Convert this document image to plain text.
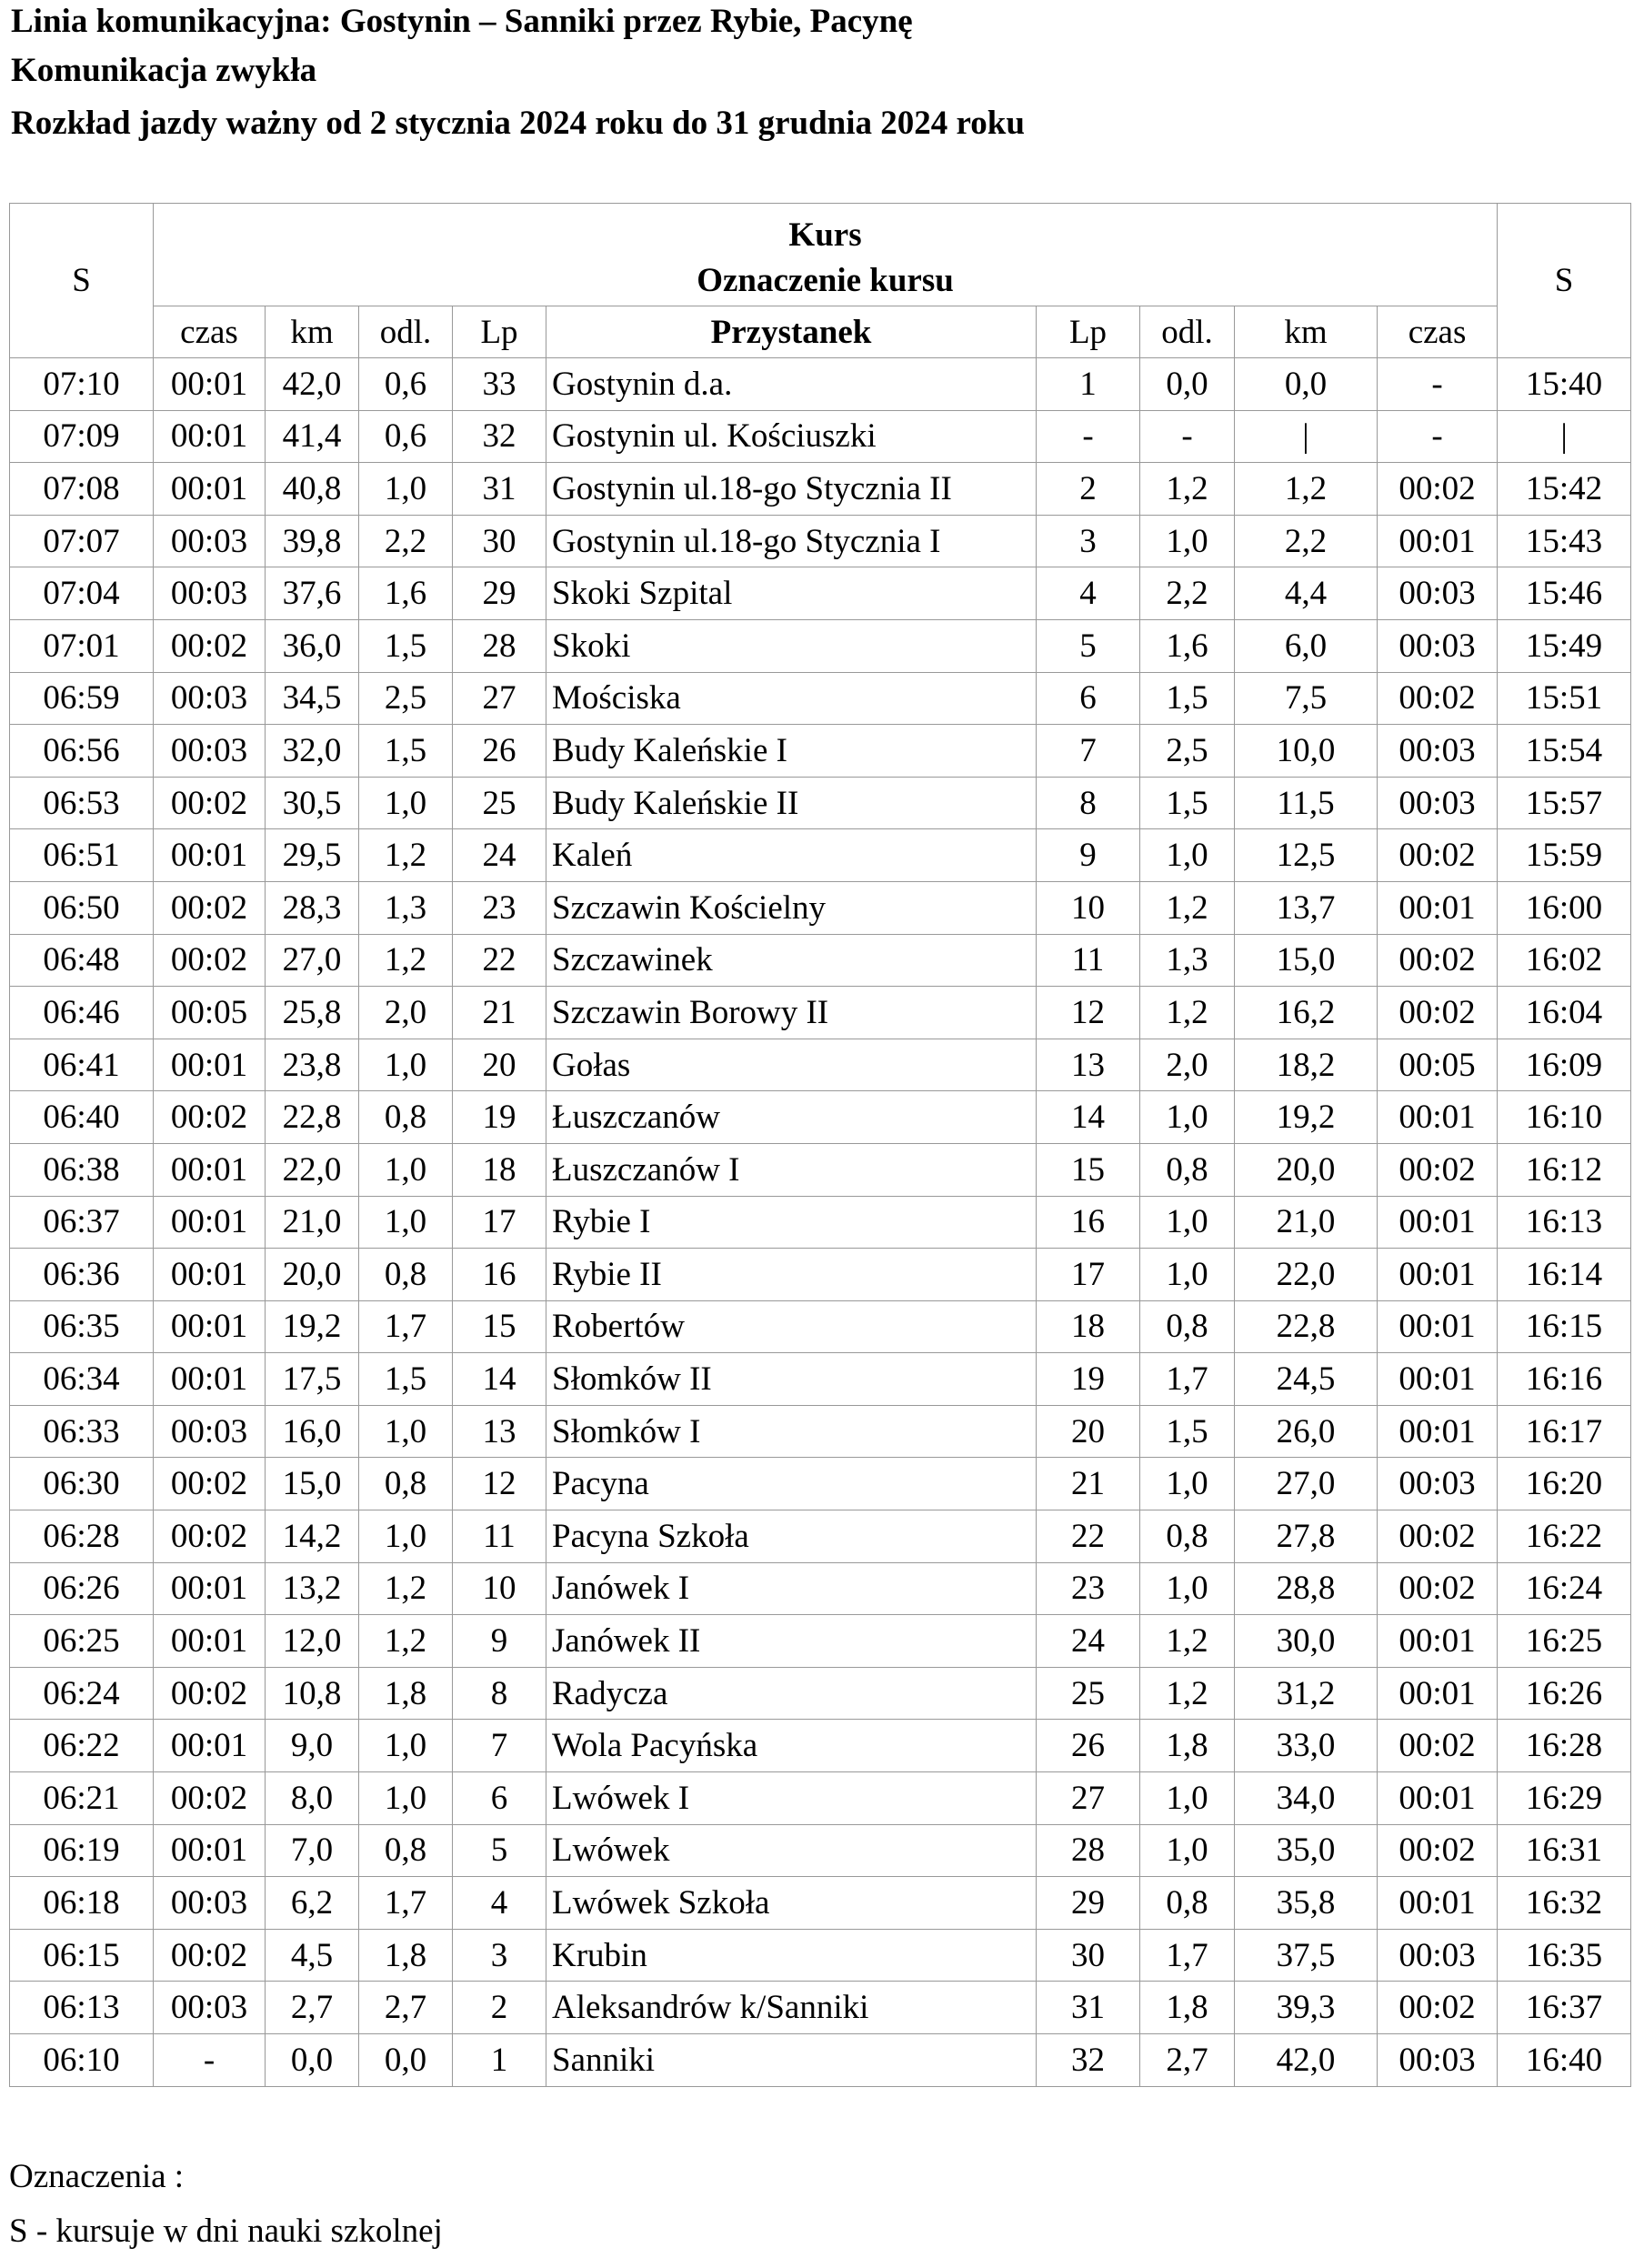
Linia komunikacyjna: Gostynin – Sanniki przez Rybie, Pacynę
Komunikacja zwykła
Rozkład jazdy ważny od 2 stycznia 2024 roku do 31 grudnia 2024 roku
S	Kurs									S
	Oznaczenie kursu									
	czas	km	odl.	Lp	Przystanek	Lp	odl.	km	czas	
07:10	00:01	42,0	0,6	33	Gostynin d.a.	1	0,0	0,0	-	15:40
07:09	00:01	41,4	0,6	32	Gostynin ul. Kościuszki	-	-	|	-	|
07:08	00:01	40,8	1,0	31	Gostynin ul.18-go Stycznia II	2	1,2	1,2	00:02	15:42
07:07	00:03	39,8	2,2	30	Gostynin ul.18-go Stycznia I	3	1,0	2,2	00:01	15:43
07:04	00:03	37,6	1,6	29	Skoki Szpital	4	2,2	4,4	00:03	15:46
07:01	00:02	36,0	1,5	28	Skoki	5	1,6	6,0	00:03	15:49
06:59	00:03	34,5	2,5	27	Mościska	6	1,5	7,5	00:02	15:51
06:56	00:03	32,0	1,5	26	Budy Kaleńskie I	7	2,5	10,0	00:03	15:54
06:53	00:02	30,5	1,0	25	Budy Kaleńskie II	8	1,5	11,5	00:03	15:57
06:51	00:01	29,5	1,2	24	Kaleń	9	1,0	12,5	00:02	15:59
06:50	00:02	28,3	1,3	23	Szczawin Kościelny	10	1,2	13,7	00:01	16:00
06:48	00:02	27,0	1,2	22	Szczawinek	11	1,3	15,0	00:02	16:02
06:46	00:05	25,8	2,0	21	Szczawin Borowy II	12	1,2	16,2	00:02	16:04
06:41	00:01	23,8	1,0	20	Gołas	13	2,0	18,2	00:05	16:09
06:40	00:02	22,8	0,8	19	Łuszczanów	14	1,0	19,2	00:01	16:10
06:38	00:01	22,0	1,0	18	Łuszczanów I	15	0,8	20,0	00:02	16:12
06:37	00:01	21,0	1,0	17	Rybie I	16	1,0	21,0	00:01	16:13
06:36	00:01	20,0	0,8	16	Rybie II	17	1,0	22,0	00:01	16:14
06:35	00:01	19,2	1,7	15	Robertów	18	0,8	22,8	00:01	16:15
06:34	00:01	17,5	1,5	14	Słomków II	19	1,7	24,5	00:01	16:16
06:33	00:03	16,0	1,0	13	Słomków I	20	1,5	26,0	00:01	16:17
06:30	00:02	15,0	0,8	12	Pacyna	21	1,0	27,0	00:03	16:20
06:28	00:02	14,2	1,0	11	Pacyna Szkoła	22	0,8	27,8	00:02	16:22
06:26	00:01	13,2	1,2	10	Janówek I	23	1,0	28,8	00:02	16:24
06:25	00:01	12,0	1,2	9	Janówek II	24	1,2	30,0	00:01	16:25
06:24	00:02	10,8	1,8	8	Radycza	25	1,2	31,2	00:01	16:26
06:22	00:01	9,0	1,0	7	Wola Pacyńska	26	1,8	33,0	00:02	16:28
06:21	00:02	8,0	1,0	6	Lwówek I	27	1,0	34,0	00:01	16:29
06:19	00:01	7,0	0,8	5	Lwówek	28	1,0	35,0	00:02	16:31
06:18	00:03	6,2	1,7	4	Lwówek Szkoła	29	0,8	35,8	00:01	16:32
06:15	00:02	4,5	1,8	3	Krubin	30	1,7	37,5	00:03	16:35
06:13	00:03	2,7	2,7	2	Aleksandrów k/Sanniki	31	1,8	39,3	00:02	16:37
06:10	-	0,0	0,0	1	Sanniki	32	2,7	42,0	00:03	16:40
Oznaczenia :
S - kursuje w dni nauki szkolnej
